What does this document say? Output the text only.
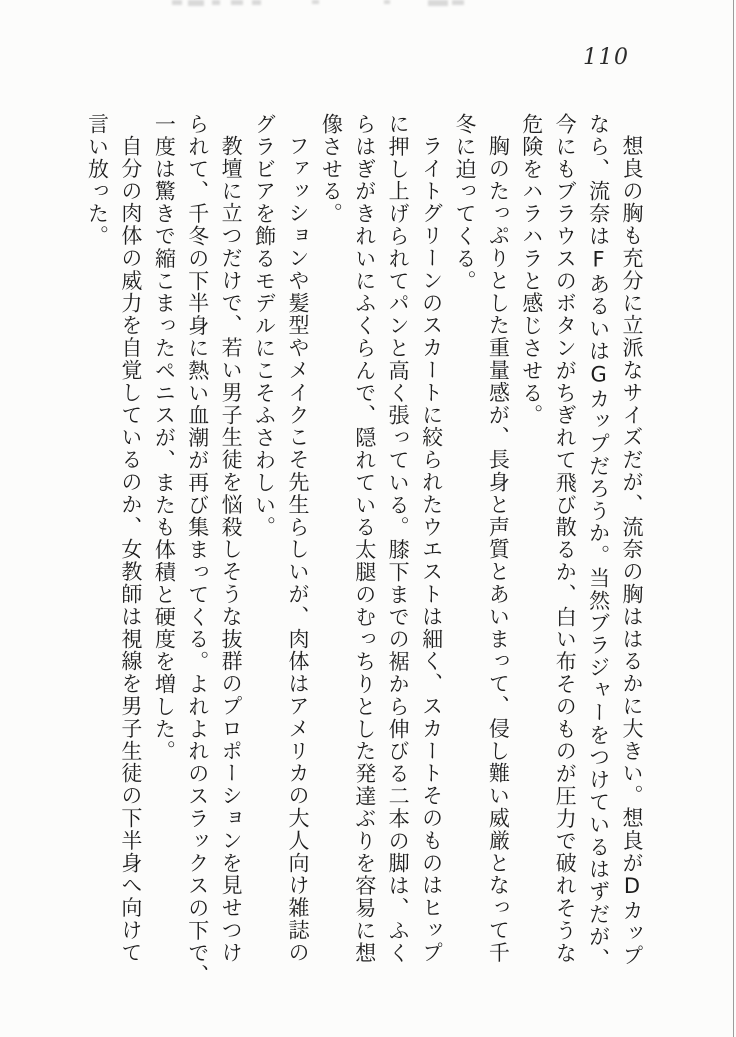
110

想良の胸も充分に立派なサイズだが、流奈の胸ははるかに大きい。想良がDカップ

なら、流奈はFあるいはGカップだろうか。当然ブラジャーをつけているはずだが、

今にもブラウスのボタンがちぎれて飛び散るか、白い布そのものが圧力で破れそうな

危険をハラハラと感じさせる。

胸のたっぷりとした重量感が、長身と声質とあいまって、侵し難い威厳となって千

冬に迫ってくる。

ライトグリーンのスカートに絞られたウエストは細く、スカートそのものはヒップ

に押し上げられてパンと高く張っている。膝下までの裾から伸びる二本の脚は、ふく

らはぎがきれいにふくらんで、隠れている太腿のむっちりとした発達ぶりを容易に想

像させる。

ファッションや髪型やメイクこそ先生らしいが、肉体はアメリカの大人向け雑誌の

グラビアを飾るモデルにこそふさわしい。

教壇に立つだけで、若い男子生徒を悩殺しそうな抜群のプロポーションを見せつけ

られて、千冬の下半身に熱い血潮が再び集まってくる。よれよれのスラックスの下で、

一度は驚きで縮こまったペニスが、またも体積と硬度を増した。

自分の肉体の威力を自覚しているのか、女教師は視線を男子生徒の下半身へ向けて

言い放った。
